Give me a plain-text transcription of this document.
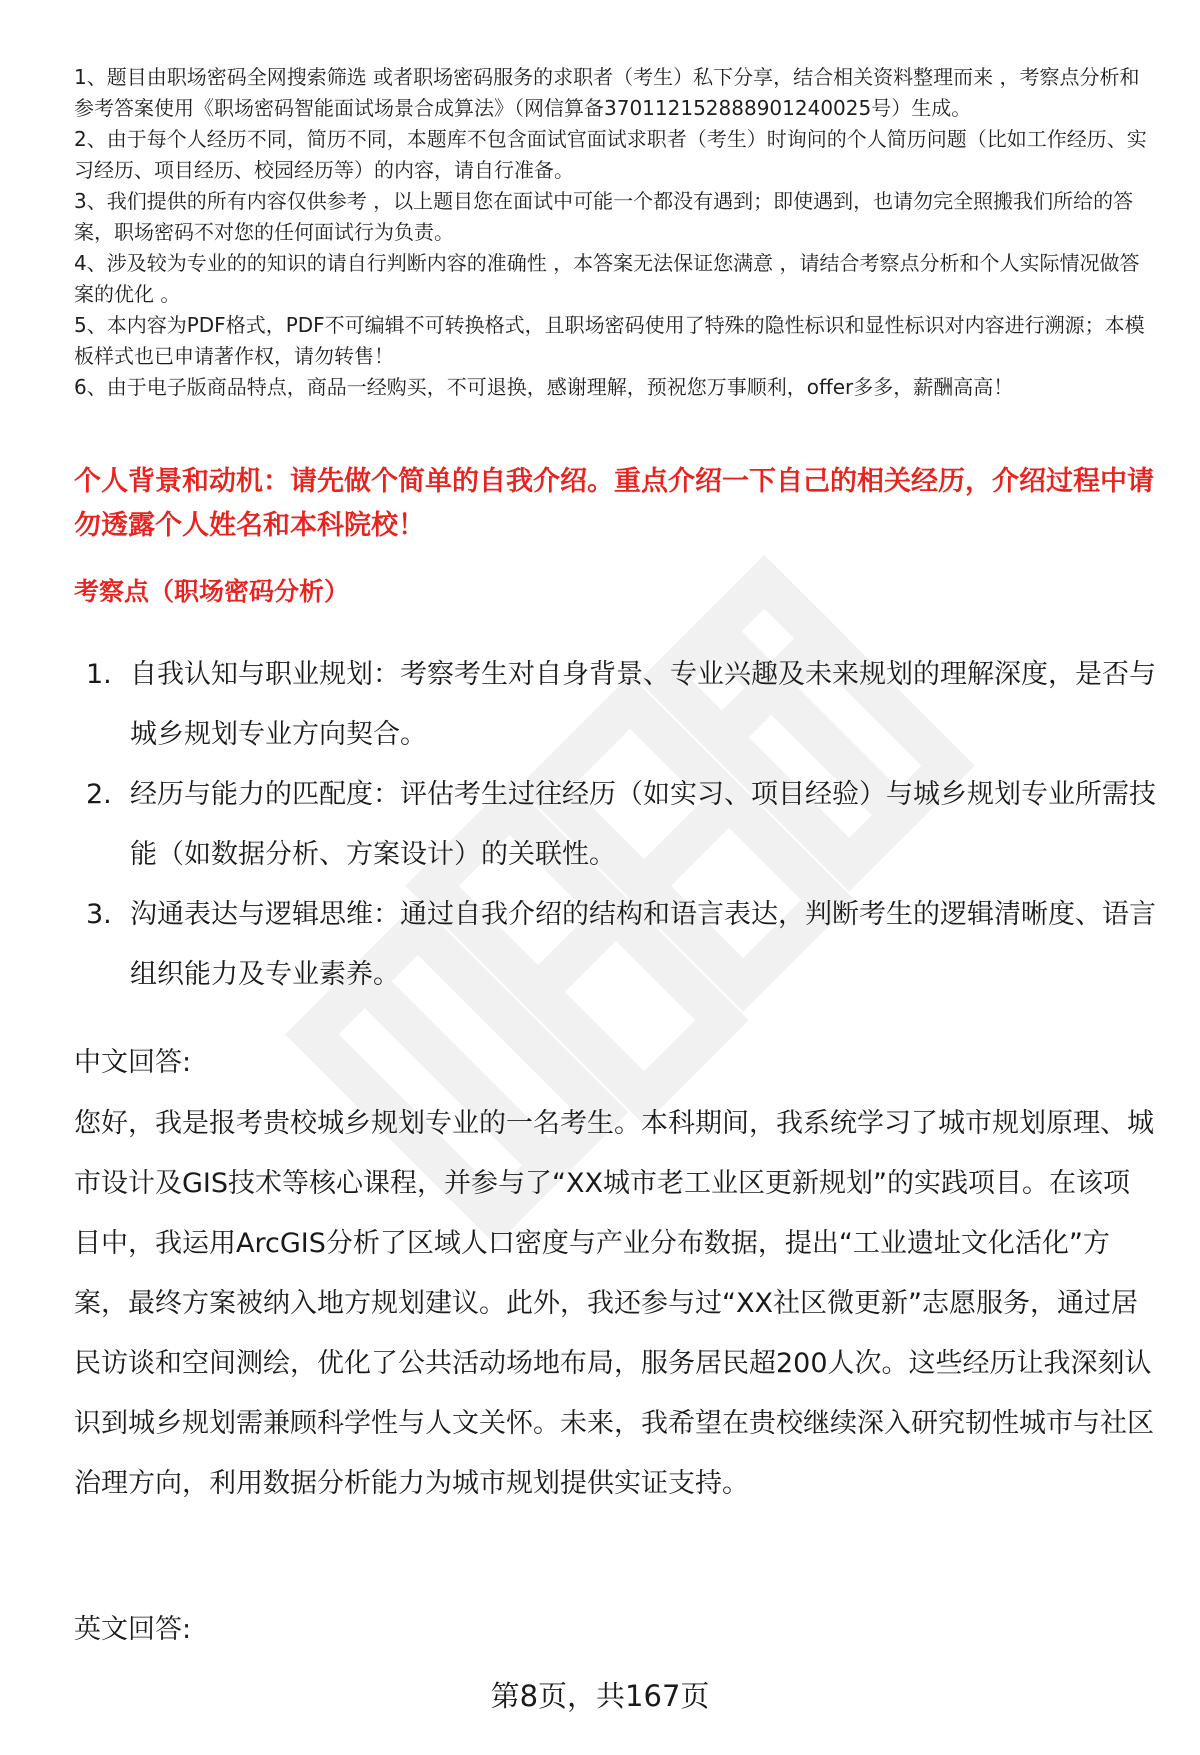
1、题目由职场密码全网搜索筛选 或者职场密码服务的求职者（考生）私下分享，结合相关资料整理而来 ，考察点分析和参考答案使用《职场密码智能面试场景合成算法》（网信算备370112152888901240025号）生成。
2、由于每个人经历不同，简历不同，本题库不包含面试官面试求职者（考生）时询问的个人简历问题（比如工作经历、实习经历、项目经历、校园经历等）的内容，请自行准备。
3、我们提供的所有内容仅供参考 ，以上题目您在面试中可能一个都没有遇到；即使遇到，也请勿完全照搬我们所给的答案，职场密码不对您的任何面试行为负责。
4、涉及较为专业的的知识的请自行判断内容的准确性 ，本答案无法保证您满意 ，请结合考察点分析和个人实际情况做答案的优化 。
5、本内容为PDF格式，PDF不可编辑不可转换格式，且职场密码使用了特殊的隐性标识和显性标识对内容进行溯源；本模板样式也已申请著作权，请勿转售！
6、由于电子版商品特点，商品一经购买，不可退换，感谢理解，预祝您万事顺利，offer多多，薪酬高高！
个人背景和动机：请先做个简单的自我介绍。重点介绍一下自己的相关经历，介绍过程中请勿透露个人姓名和本科院校！
考察点（职场密码分析）
1. 自我认知与职业规划：考察考生对自身背景、专业兴趣及未来规划的理解深度，是否与城乡规划专业方向契合。
2. 经历与能力的匹配度：评估考生过往经历（如实习、项目经验）与城乡规划专业所需技能（如数据分析、方案设计）的关联性。
3. 沟通表达与逻辑思维：通过自我介绍的结构和语言表达，判断考生的逻辑清晰度、语言组织能力及专业素养。

中文回答:

您好，我是报考贵校城乡规划专业的一名考生。本科期间，我系统学习了城市规划原理、城市设计及GIS技术等核心课程，并参与了“XX城市老工业区更新规划”的实践项目。在该项目中，我运用ArcGIS分析了区域人口密度与产业分布数据，提出“工业遗址文化活化”方案，最终方案被纳入地方规划建议。此外，我还参与过“XX社区微更新”志愿服务，通过居民访谈和空间测绘，优化了公共活动场地布局，服务居民超200人次。这些经历让我深刻认识到城乡规划需兼顾科学性与人文关怀。未来，我希望在贵校继续深入研究韧性城市与社区治理方向，利用数据分析能力为城市规划提供实证支持。

英文回答:

第8页，共167页
